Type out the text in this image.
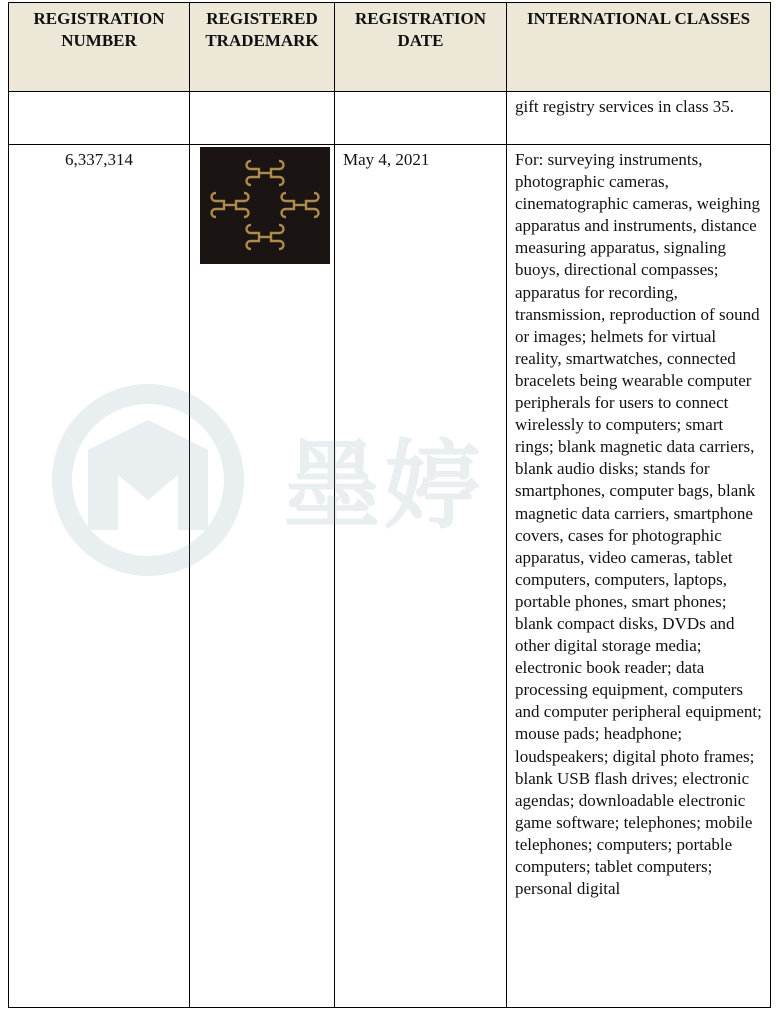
REGISTRATION NUMBER	REGISTERED TRADEMARK	REGISTRATION DATE	INTERNATIONAL CLASSES

			gift registry services in class 35.

6,337,314		May 4, 2021	For: surveying instruments, photographic cameras, cinematographic cameras, weighing apparatus and instruments, distance measuring apparatus, signaling buoys, directional compasses; apparatus for recording, transmission, reproduction of sound or images; helmets for virtual reality, smartwatches, connected bracelets being wearable computer peripherals for users to connect wirelessly to computers; smart rings; blank magnetic data carriers, blank audio disks; stands for smartphones, computer bags, blank magnetic data carriers, smartphone covers, cases for photographic apparatus, video cameras, tablet computers, computers, laptops, portable phones, smart phones; blank compact disks, DVDs and other digital storage media; electronic book reader; data processing equipment, computers and computer peripheral equipment; mouse pads; headphone; loudspeakers; digital photo frames; blank USB flash drives; electronic agendas; downloadable electronic game software; telephones; mobile telephones; computers; portable computers; tablet computers; personal digital
墨婷
